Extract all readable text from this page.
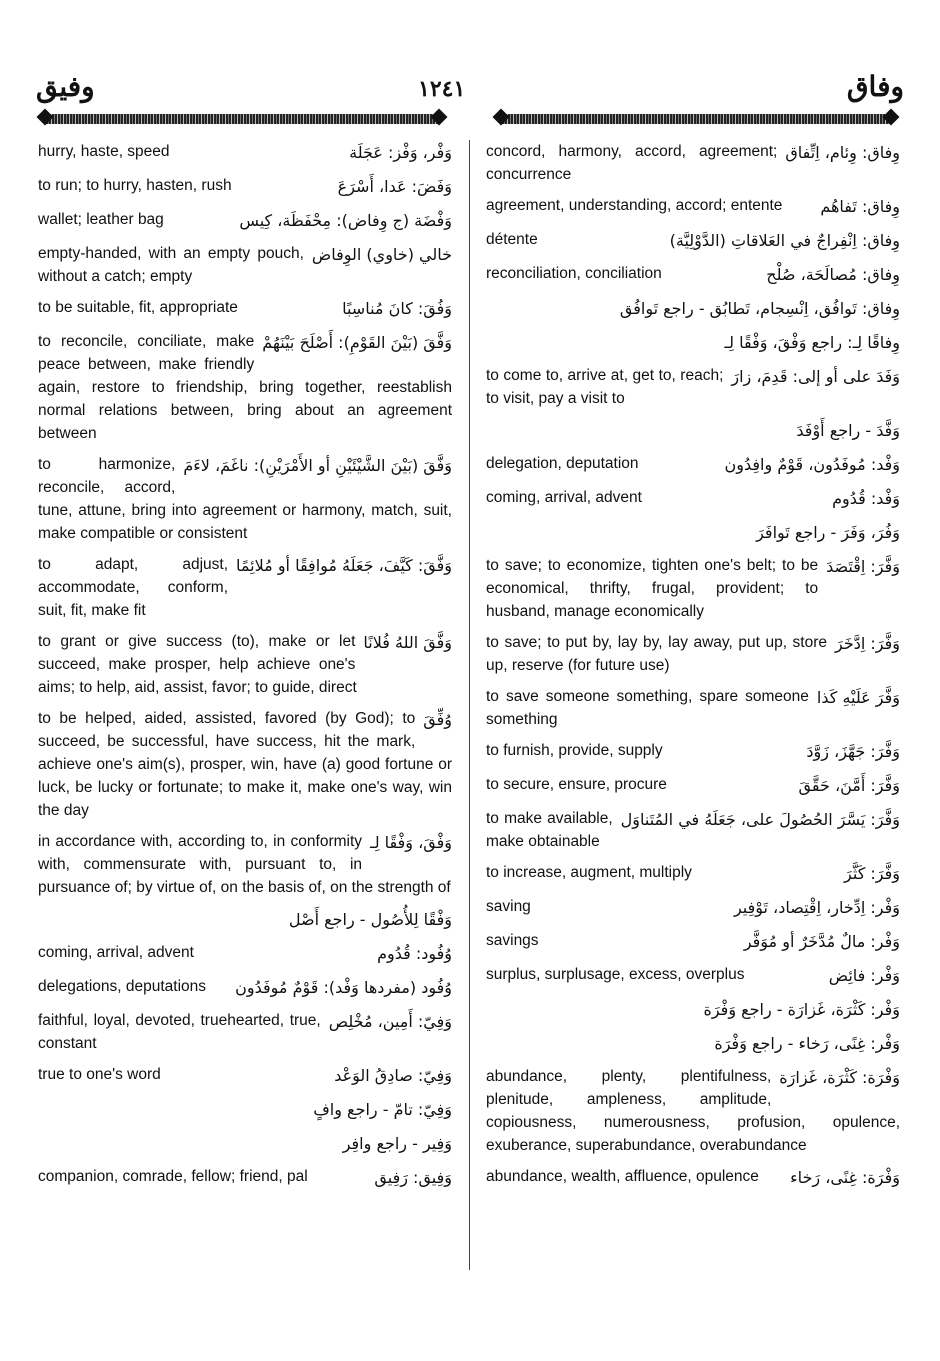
وفيق	١٢٤١	وفاق
وَفْر، وَفْز: عَجَلَة
hurry, haste, speed
وَفَضَ: عَدا، أَسْرَعَ
to run; to hurry, hasten, rush
وَفْضَة (ج وِفاض): مِحْفَظَة، كِيس
wallet; leather bag
خالي (خاوي) الوِفاض
empty-handed, with an empty pouch, without a catch; empty
وَفُقَ: كانَ مُناسِبًا
to be suitable, fit, appropriate
وَفَّقَ (بَيْنَ القَوْمِ): أَصْلَحَ بَيْنَهُمْ
to reconcile, conciliate, make peace between, make friendly again, restore to friendship, bring together, reestablish normal relations between, bring about an agreement between
وَفَّقَ (بَيْنَ الشَّيْئَيْنِ أو الأَمْرَيْنِ): ناغَمَ، لاءَمَ
to harmonize, reconcile, accord, tune, attune, bring into agreement or harmony, match, suit, make compatible or consistent
وَفَّقَ: كَيَّفَ، جَعَلَهُ مُوافِقًا أو مُلائِمًا
to adapt, adjust, accommodate, conform, suit, fit, make fit
وَفَّقَ اللهُ فُلانًا
to grant or give success (to), make or let succeed, make prosper, help achieve one's aims; to help, aid, assist, favor; to guide, direct
وُفِّقَ
to be helped, aided, assisted, favored (by God); to succeed, be successful, have success, hit the mark, achieve one's aim(s), prosper, win, have (a) good fortune or luck, be lucky or fortunate; to make it, make one's way, win the day
وَفْقَ، وَفْقًا لِـ
in accordance with, according to, in conformity with, commensurate with, pursuant to, in pursuance of; by virtue of, on the basis of, on the strength of
وَفْقًا لِلأُصُول - راجع أَصْل
وُفُود: قُدُوم
coming, arrival, advent
وُفُود (مفردها وَفْد): قَوْمٌ مُوفَدُون
delegations, deputations
وَفِيّ: أَمِين، مُخْلِص
faithful, loyal, devoted, truehearted, true, constant
وَفِيّ: صادِقُ الوَعْد
true to one's word
وَفِيّ: تامّ - راجع وافٍ
وَفِير - راجع وافِر
وَفِيق: رَفِيق
companion, comrade, fellow; friend, pal
وِفاق: وِئام، اِتِّفاق
concord, harmony, accord, agreement; concurrence
وِفاق: تَفاهُم
agreement, understanding, accord; entente
وِفاق: اِنْفِراجٌ في العَلاقاتِ (الدَّوْلِيَّة)
détente
وِفاق: مُصالَحَة، صُلْح
reconciliation, conciliation
وِفاق: تَوافُق، اِنْسِجام، تَطابُق - راجع تَوافُق
وِفاقًا لِـ: راجع وَفْقَ، وَفْقًا لِـ
وَفَدَ على أو إلى: قَدِمَ، زارَ
to come to, arrive at, get to, reach; to visit, pay a visit to
وَفَّدَ - راجع أَوْفَدَ
وَفْد: مُوفَدُون، قَوْمٌ وافِدُون
delegation, deputation
وَفْد: قُدُوم
coming, arrival, advent
وَفُرَ، وَفَرَ - راجع تَوافَرَ
وَفَّرَ: اِقْتَصَدَ
to save; to economize, tighten one's belt; to be economical, thrifty, frugal, provident; to husband, manage economically
وَفَّرَ: اِدَّخَرَ
to save; to put by, lay by, lay away, put up, store up, reserve (for future use)
وَفَّرَ عَلَيْهِ كَذا
to save someone something, spare someone something
وَفَّرَ: جَهَّزَ، زَوَّدَ
to furnish, provide, supply
وَفَّرَ: أَمَّنَ، حَقَّقَ
to secure, ensure, procure
وَفَّرَ: يَسَّرَ الحُصُولَ على، جَعَلَهُ في المُتَناوَل
to make available, make obtainable
وَفَّرَ: كَثَّرَ
to increase, augment, multiply
وَفْر: اِدِّخار، اِقْتِصاد، تَوْفِير
saving
وَفْر: مالٌ مُدَّخَرٌ أو مُوَفَّر
savings
وَفْر: فائِض
surplus, surplusage, excess, overplus
وَفْر: كَثْرَة، غَزارَة - راجع وَفْرَة
وَفْر: غِنًى، رَخاء - راجع وَفْرَة
وَفْرَة: كَثْرَة، غَزارَة
abundance, plenty, plentifulness, plenitude, ampleness, amplitude, copiousness, numerousness, profusion, opulence, exuberance, superabundance, overabundance
وَفْرَة: غِنًى، رَخاء
abundance, wealth, affluence, opulence
